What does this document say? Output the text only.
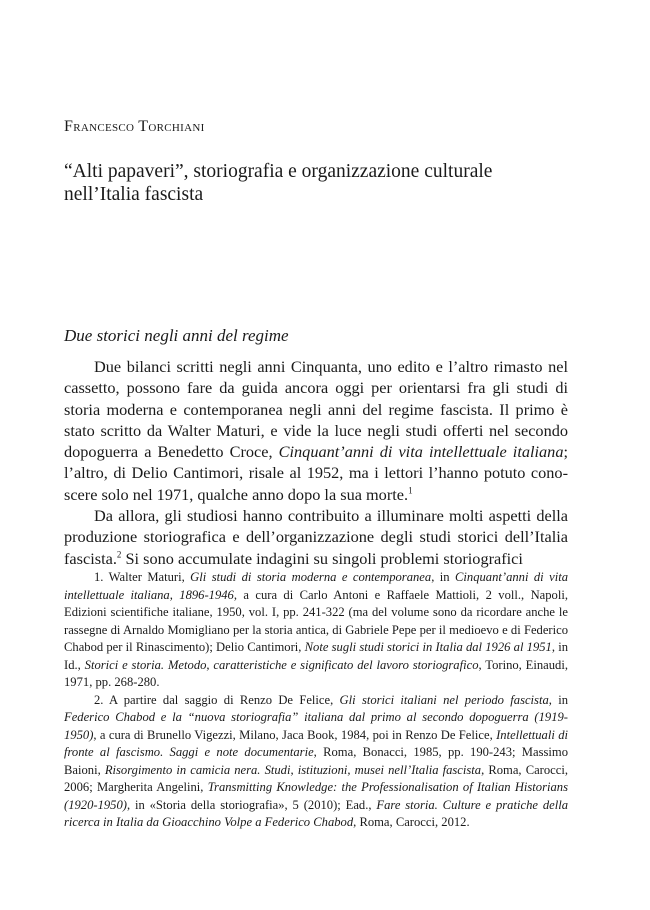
Francesco Torchiani
“Alti papaveri”, storiografia e organizzazione culturale
nell’Italia fascista
Due storici negli anni del regime

Due bilanci scritti negli anni Cinquanta, uno edito e l’altro rimasto nel cassetto, possono fare da guida ancora oggi per orientarsi fra gli studi di storia moderna e contemporanea negli anni del regime fascista. Il primo è stato scritto da Walter Maturi, e vide la luce negli studi offerti nel secondo dopoguerra a Benedetto Croce, Cinquant’anni di vita intellettuale italiana; l’altro, di Delio Cantimori, risale al 1952, ma i lettori l’hanno potuto conoscere solo nel 1971, qualche anno dopo la sua morte.$^1$

Da allora, gli studiosi hanno contribuito a illuminare molti aspetti della produzione storiografica e dell’organizzazione degli studi storici dell’Italia fascista.$^2$ Si sono accumulate indagini su singoli problemi storiografici

1. Walter Maturi, Gli studi di storia moderna e contemporanea, in Cinquant’anni di vita intellettuale italiana, 1896-1946, a cura di Carlo Antoni e Raffaele Mattioli, 2 voll., Napoli, Edizioni scientifiche italiane, 1950, vol. I, pp. 241-322 (ma del volume sono da ricordare anche le rassegne di Arnaldo Momigliano per la storia antica, di Gabriele Pepe per il medioevo e di Federico Chabod per il Rinascimento); Delio Cantimori, Note sugli studi storici in Italia dal 1926 al 1951, in Id., Storici e storia. Metodo, caratteristiche e significato del lavoro storiografico, Torino, Einaudi, 1971, pp. 268-280.

2. A partire dal saggio di Renzo De Felice, Gli storici italiani nel periodo fascista, in Federico Chabod e la “nuova storiografia” italiana dal primo al secondo dopoguerra (1919-1950), a cura di Brunello Vigezzi, Milano, Jaca Book, 1984, poi in Renzo De Felice, Intellettuali di fronte al fascismo. Saggi e note documentarie, Roma, Bonacci, 1985, pp. 190-243; Massimo Baioni, Risorgimento in camicia nera. Studi, istituzioni, musei nell’Italia fascista, Roma, Carocci, 2006; Margherita Angelini, Transmitting Knowledge: the Professionalisation of Italian Historians (1920-1950), in «Storia della storiografia», 5 (2010); Ead., Fare storia. Culture e pratiche della ricerca in Italia da Gioacchino Volpe a Federico Chabod, Roma, Carocci, 2012.
